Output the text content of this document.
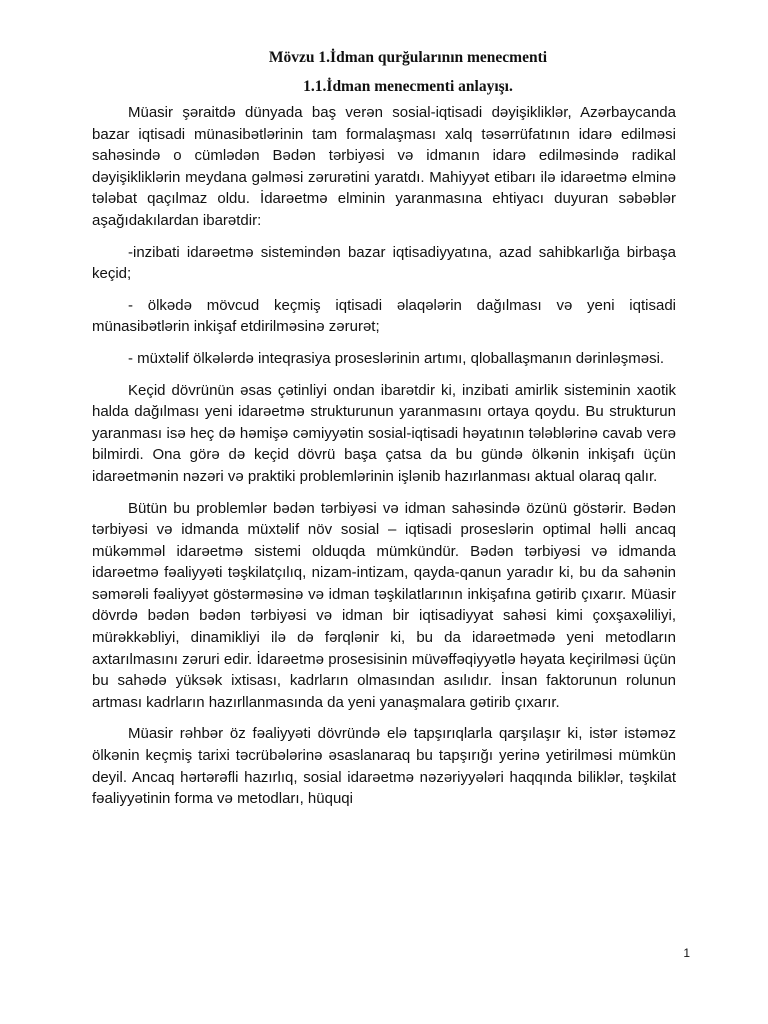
Mövzu 1.İdman qurğularının menecmenti
1.1.İdman menecmenti anlayışı.

Müasir şəraitdə dünyada baş verən sosial-iqtisadi dəyişikliklər, Azərbaycanda bazar iqtisadi münasibətlərinin tam formalaşması xalq təsərrüfatının idarə edilməsi sahəsində o cümlədən Bədən tərbiyəsi və idmanın idarə edilməsində radikal dəyişikliklərin meydana gəlməsi zərurətini yaratdı. Mahiyyət etibarı ilə idarəetmə elminə tələbat qaçılmaz oldu. İdarəetmə elminin yaranmasına ehtiyacı duyuran səbəblər aşağıdakılardan ibarətdir:

-inzibati idarəetmə sistemindən bazar iqtisadiyyatına, azad sahibkarlığa birbaşa keçid;

- ölkədə mövcud keçmiş iqtisadi əlaqələrin dağılması və yeni iqtisadi münasibətlərin inkişaf etdirilməsinə zərurət;

- müxtəlif ölkələrdə inteqrasiya proseslərinin artımı, qloballaşmanın dərinləşməsi.

Keçid dövrünün əsas çətinliyi ondan ibarətdir ki, inzibati amirlik sisteminin xaotik halda dağılması yeni idarəetmə strukturunun yaranmasını ortaya qoydu. Bu strukturun yaranması isə heç də həmişə cəmiyyətin sosial-iqtisadi həyatının tələblərinə cavab verə bilmirdi. Ona görə də keçid dövrü başa çatsa da bu gündə ölkənin inkişafı üçün idarəetmənin nəzəri və praktiki problemlərinin işlənib hazırlanması aktual olaraq qalır.

Bütün bu problemlər bədən tərbiyəsi və idman sahəsində özünü göstərir. Bədən tərbiyəsi və idmanda müxtəlif növ sosial – iqtisadi proseslərin optimal həlli ancaq mükəmməl idarəetmə sistemi olduqda mümkündür. Bədən tərbiyəsi və idmanda idarəetmə fəaliyyəti təşkilatçılıq, nizam-intizam, qayda-qanun yaradır ki, bu da sahənin səmərəli fəaliyyət göstərməsinə və idman təşkilatlarının inkişafına gətirib çıxarır. Müasir dövrdə bədən bədən tərbiyəsi və idman bir iqtisadiyyat sahəsi kimi çoxşaxəliliyi, mürəkkəbliyi, dinamikliyi ilə də fərqlənir ki, bu da idarəetmədə yeni metodların axtarılmasını zəruri edir. İdarəetmə prosesisinin müvəffəqiyyətlə həyata keçirilməsi üçün bu sahədə yüksək ixtisası, kadrların olmasından asılıdır. İnsan faktorunun rolunun artması kadrların hazırllanmasında da yeni yanaşmalara gətirib çıxarır.

Müasir rəhbər öz fəaliyyəti dövründə elə tapşırıqlarla qarşılaşır ki, istər istəməz ölkənin keçmiş tarixi təcrübələrinə əsaslanaraq bu tapşırığı yerinə yetirilməsi mümkün deyil. Ancaq hərtərəfli hazırlıq, sosial idarəetmə nəzəriyyələri haqqında biliklər, təşkilat fəaliyyətinin forma və metodları, hüquqi

1
